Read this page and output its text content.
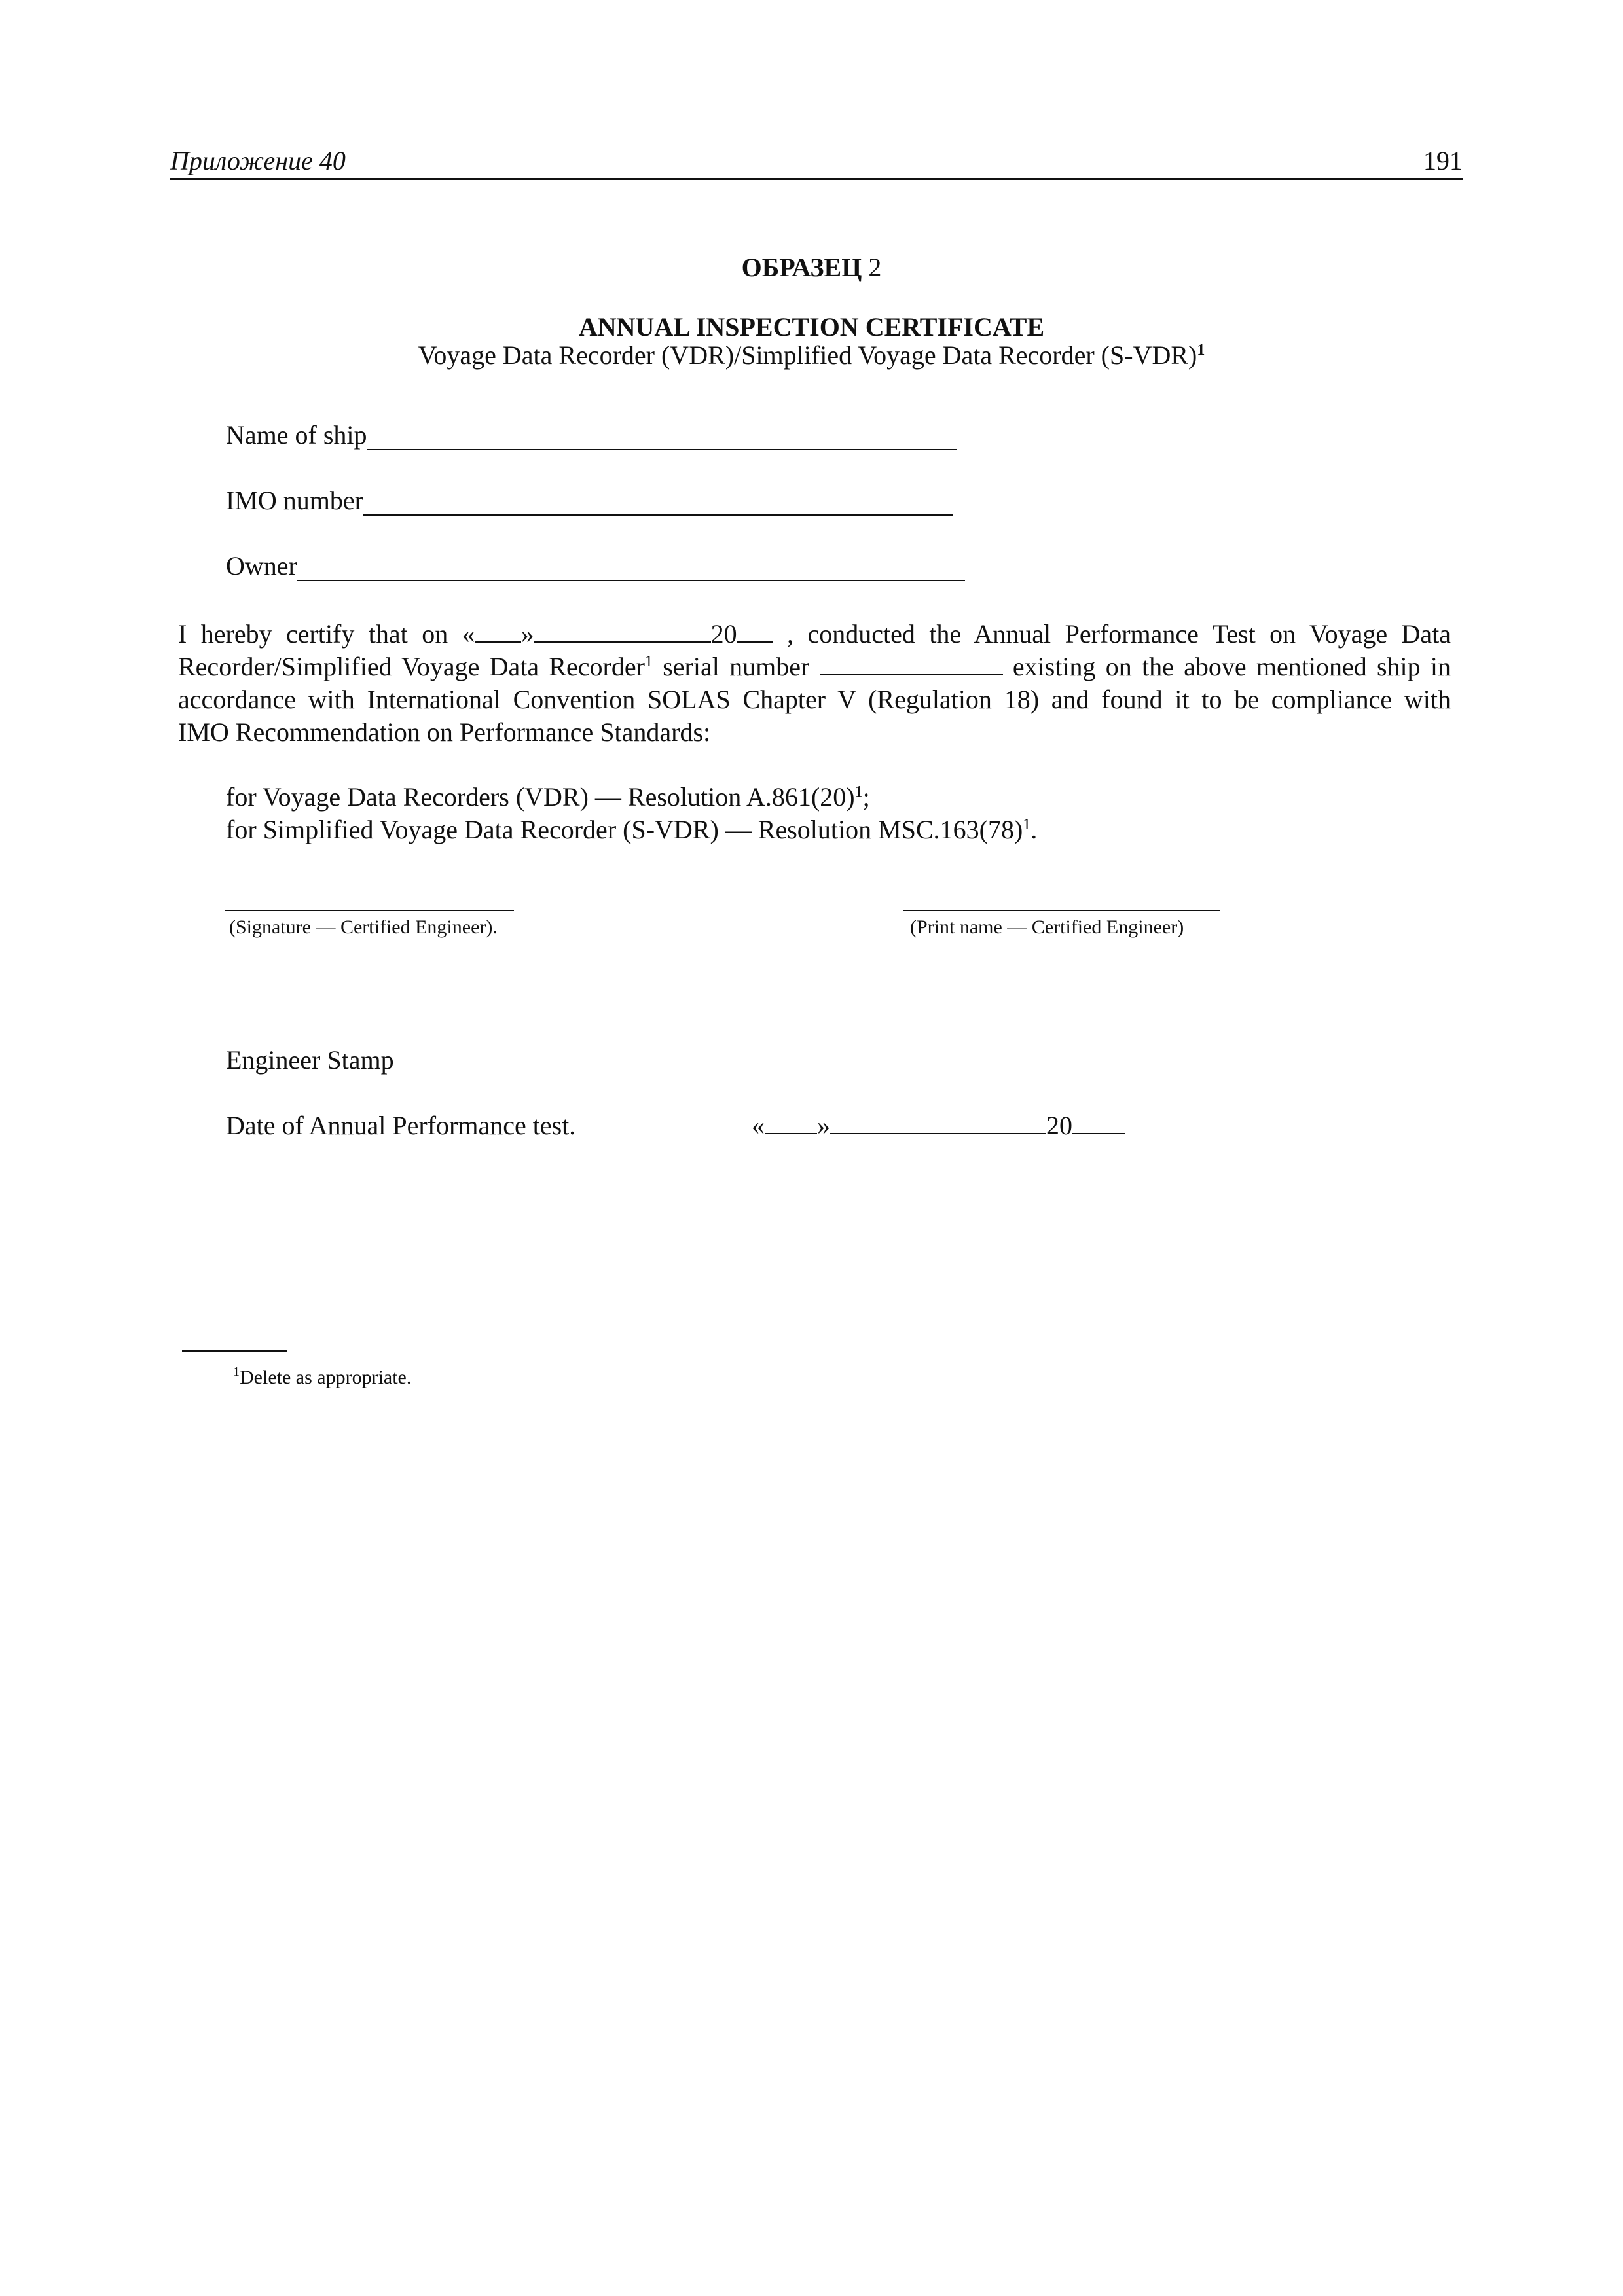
Приложение 40	191
ОБРАЗЕЦ 2
ANNUAL INSPECTION CERTIFICATE
Voyage Data Recorder (VDR)/Simplified Voyage Data Recorder (S-VDR)$^1$
Name of ship
IMO number
Owner
I hereby certify that on « »	20 , conducted the Annual Performance Test on Voyage Data
Recorder/Simplified Voyage Data Recorder$^1$ serial number	existing on the above mentioned ship in
accordance with International Convention SOLAS Chapter V (Regulation 18) and found it to be compliance with
IMO Recommendation on Performance Standards:
for Voyage Data Recorders (VDR) — Resolution A.861(20)$^1$;
for Simplified Voyage Data Recorder (S-VDR) — Resolution MSC.163(78)$^1$.
(Signature — Certified Engineer).	(Print name — Certified Engineer)
Engineer Stamp
Date of Annual Performance test.	« »	20
$^1$Delete as appropriate.
